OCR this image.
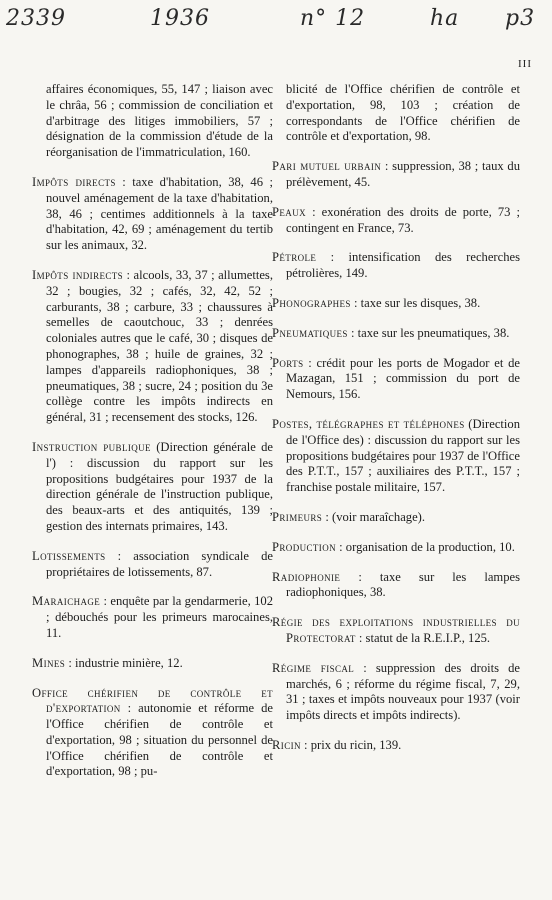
2339	1936	n° 12	ha p3
III
affaires économiques, 55, 147 ; liaison avec le chrâa, 56 ; commission de conciliation et d'arbitrage des litiges immobiliers, 57 ; désignation de la commission d'étude de la réorganisation de l'immatriculation, 160.
Impôts directs : taxe d'habitation, 38, 46 ; nouvel aménagement de la taxe d'habitation, 38, 46 ; centimes additionnels à la taxe d'habitation, 42, 69 ; aménagement du tertib sur les animaux, 32.
Impôts indirects : alcools, 33, 37 ; allumettes, 32 ; bougies, 32 ; cafés, 32, 42, 52 ; carburants, 38 ; carbure, 33 ; chaussures à semelles de caoutchouc, 33 ; denrées coloniales autres que le café, 30 ; disques de phonographes, 38 ; huile de graines, 32 ; lampes d'appareils radiophoniques, 38 ; pneumatiques, 38 ; sucre, 24 ; position du 3e collège contre les impôts indirects en général, 31 ; recensement des stocks, 126.
Instruction publique (Direction générale de l') : discussion du rapport sur les propositions budgétaires pour 1937 de la direction générale de l'instruction publique, des beaux-arts et des antiquités, 139 ; gestion des internats primaires, 143.
Lotissements : association syndicale de propriétaires de lotissements, 87.
Maraichage : enquête par la gendarmerie, 102 ; débouchés pour les primeurs marocaines, 11.
Mines : industrie minière, 12.
Office chérifien de contrôle et d'exportation : autonomie et réforme de l'Office chérifien de contrôle et d'exportation, 98 ; situation du personnel de l'Office chérifien de contrôle et d'exportation, 98 ; pu-
blicité de l'Office chérifien de contrôle et d'exportation, 98, 103 ; création de correspondants de l'Office chérifien de contrôle et d'exportation, 98.
Pari mutuel urbain : suppression, 38 ; taux du prélèvement, 45.
Peaux : exonération des droits de porte, 73 ; contingent en France, 73.
Pétrole : intensification des recherches pétrolières, 149.
Phonographes : taxe sur les disques, 38.
Pneumatiques : taxe sur les pneumatiques, 38.
Ports : crédit pour les ports de Mogador et de Mazagan, 151 ; commission du port de Nemours, 156.
Postes, télégraphes et téléphones (Direction de l'Office des) : discussion du rapport sur les propositions budgétaires pour 1937 de l'Office des P.T.T., 157 ; auxiliaires des P.T.T., 157 ; franchise postale militaire, 157.
Primeurs : (voir maraîchage).
Production : organisation de la production, 10.
Radiophonie : taxe sur les lampes radiophoniques, 38.
Régie des exploitations industrielles du Protectorat : statut de la R.E.I.P., 125.
Régime fiscal : suppression des droits de marchés, 6 ; réforme du régime fiscal, 7, 29, 31 ; taxes et impôts nouveaux pour 1937 (voir impôts directs et impôts indirects).
Ricin : prix du ricin, 139.
